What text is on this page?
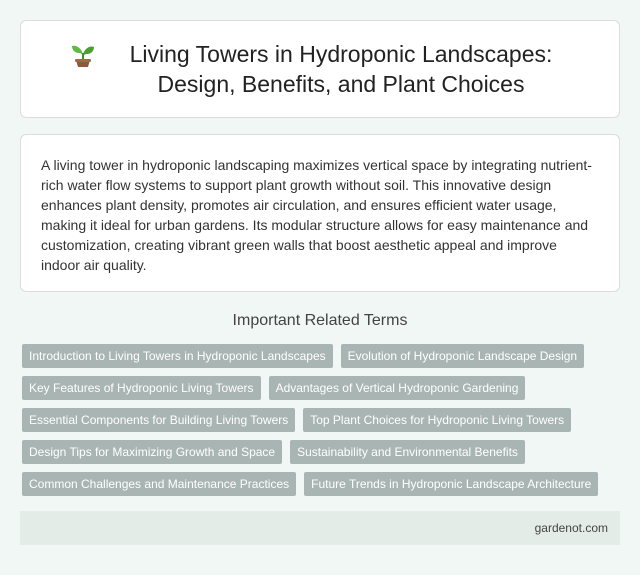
Living Towers in Hydroponic Landscapes: Design, Benefits, and Plant Choices

A living tower in hydroponic landscaping maximizes vertical space by integrating nutrient-rich water flow systems to support plant growth without soil. This innovative design enhances plant density, promotes air circulation, and ensures efficient water usage, making it ideal for urban gardens. Its modular structure allows for easy maintenance and customization, creating vibrant green walls that boost aesthetic appeal and improve indoor air quality.

Important Related Terms
Introduction to Living Towers in Hydroponic Landscapes	Evolution of Hydroponic Landscape Design
Key Features of Hydroponic Living Towers	Advantages of Vertical Hydroponic Gardening
Essential Components for Building Living Towers	Top Plant Choices for Hydroponic Living Towers
Design Tips for Maximizing Growth and Space	Sustainability and Environmental Benefits
Common Challenges and Maintenance Practices	Future Trends in Hydroponic Landscape Architecture
gardenot.com
